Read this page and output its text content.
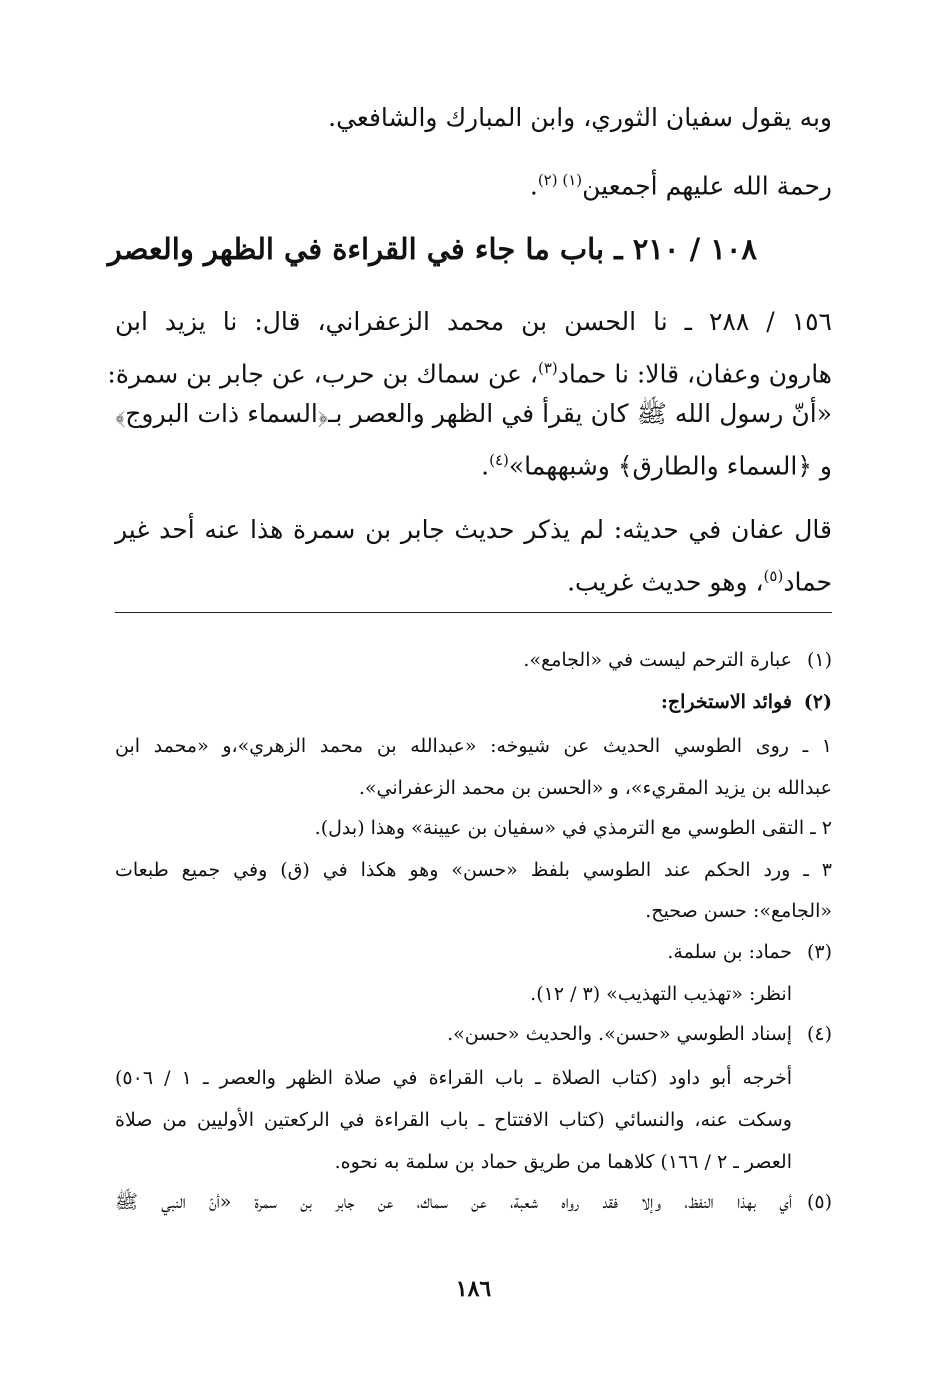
وبه يقول سفيان الثوري، وابن المبارك والشافعي.
رحمة الله عليهم أجمعين$^{(١) (٢)}$.
١٠٨ / ٢١٠ ـ باب ما جاء في القراءة في الظهر والعصر
١٥٦ / ٢٨٨ ـ نا الحسن بن محمد الزعفراني، قال: نا يزيد ابن
هارون وعفان، قالا: نا حماد$^{(٣)}$، عن سماك بن حرب، عن جابر بن سمرة:
«أنّ رسول الله ﷺ كان يقرأ في الظهر والعصر بـ﴿السماء ذات البروج﴾
و ﴿السماء والطارق﴾ وشبههما»$^{(٤)}$.
قال عفان في حديثه: لم يذكر حديث جابر بن سمرة هذا عنه أحد غير
حماد$^{(٥)}$، وهو حديث غريب.
(١)عبارة الترحم ليست في «الجامع».
(٢)فوائد الاستخراج:
١ ـ روى الطوسي الحديث عن شيوخه: «عبدالله بن محمد الزهري»،و «محمد ابن
عبدالله بن يزيد المقريء»، و «الحسن بن محمد الزعفراني».
٢ ـ التقى الطوسي مع الترمذي في «سفيان بن عيينة» وهذا (بدل).
٣ ـ ورد الحكم عند الطوسي بلفظ «حسن» وهو هكذا في (ق) وفي جميع طبعات
«الجامع»: حسن صحيح.
(٣)حماد: بن سلمة.
انظر: «تهذيب التهذيب» (٣ / ١٢).
(٤)إسناد الطوسي «حسن». والحديث «حسن».
أخرجه أبو داود (كتاب الصلاة ـ باب القراءة في صلاة الظهر والعصر ـ ١ / ٥٠٦)
وسكت عنه، والنسائي (كتاب الافتتاح ـ باب القراءة في الركعتين الأوليين من صلاة
العصر ـ ٢ / ١٦٦) كلاهما من طريق حماد بن سلمة به نحوه.
(٥)أي بهذا النفظ، وإلا فقد رواه شعبة، عن سماك، عن جابر بن سمرة «أنّ النبي ﷺ
١٨٦
